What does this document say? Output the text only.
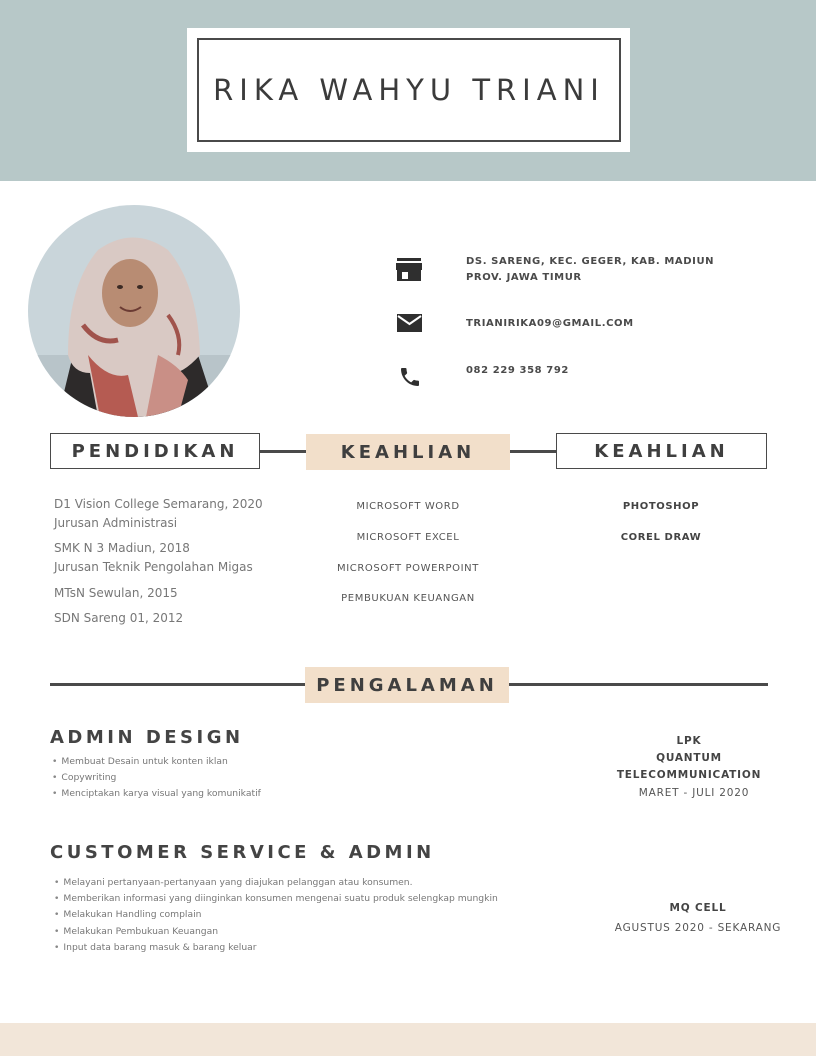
RIKA WAHYU TRIANI
DS. SARENG, KEC. GEGER, KAB. MADIUN
PROV. JAWA TIMUR
TRIANIRIKA09@GMAIL.COM
082 229 358 792
PENDIDIKAN	KEAHLIAN	KEAHLIAN
D1 Vision College Semarang, 2020
Jurusan Administrasi
SMK N 3 Madiun, 2018
Jurusan Teknik Pengolahan Migas
MTsN Sewulan, 2015
SDN Sareng 01, 2012
MICROSOFT WORD
MICROSOFT EXCEL
MICROSOFT POWERPOINT
PEMBUKUAN KEUANGAN
PHOTOSHOP
COREL DRAW
PENGALAMAN
ADMIN DESIGN
• Membuat Desain untuk konten iklan
• Copywriting
• Menciptakan karya visual yang komunikatif
LPK
QUANTUM
TELECOMMUNICATION
MARET - JULI 2020
CUSTOMER SERVICE & ADMIN
• Melayani pertanyaan-pertanyaan yang diajukan pelanggan atau konsumen.
• Memberikan informasi yang diinginkan konsumen mengenai suatu produk selengkap mungkin
• Melakukan Handling complain
• Melakukan Pembukuan Keuangan
• Input data barang masuk & barang keluar
MQ CELL
AGUSTUS 2020 - SEKARANG
